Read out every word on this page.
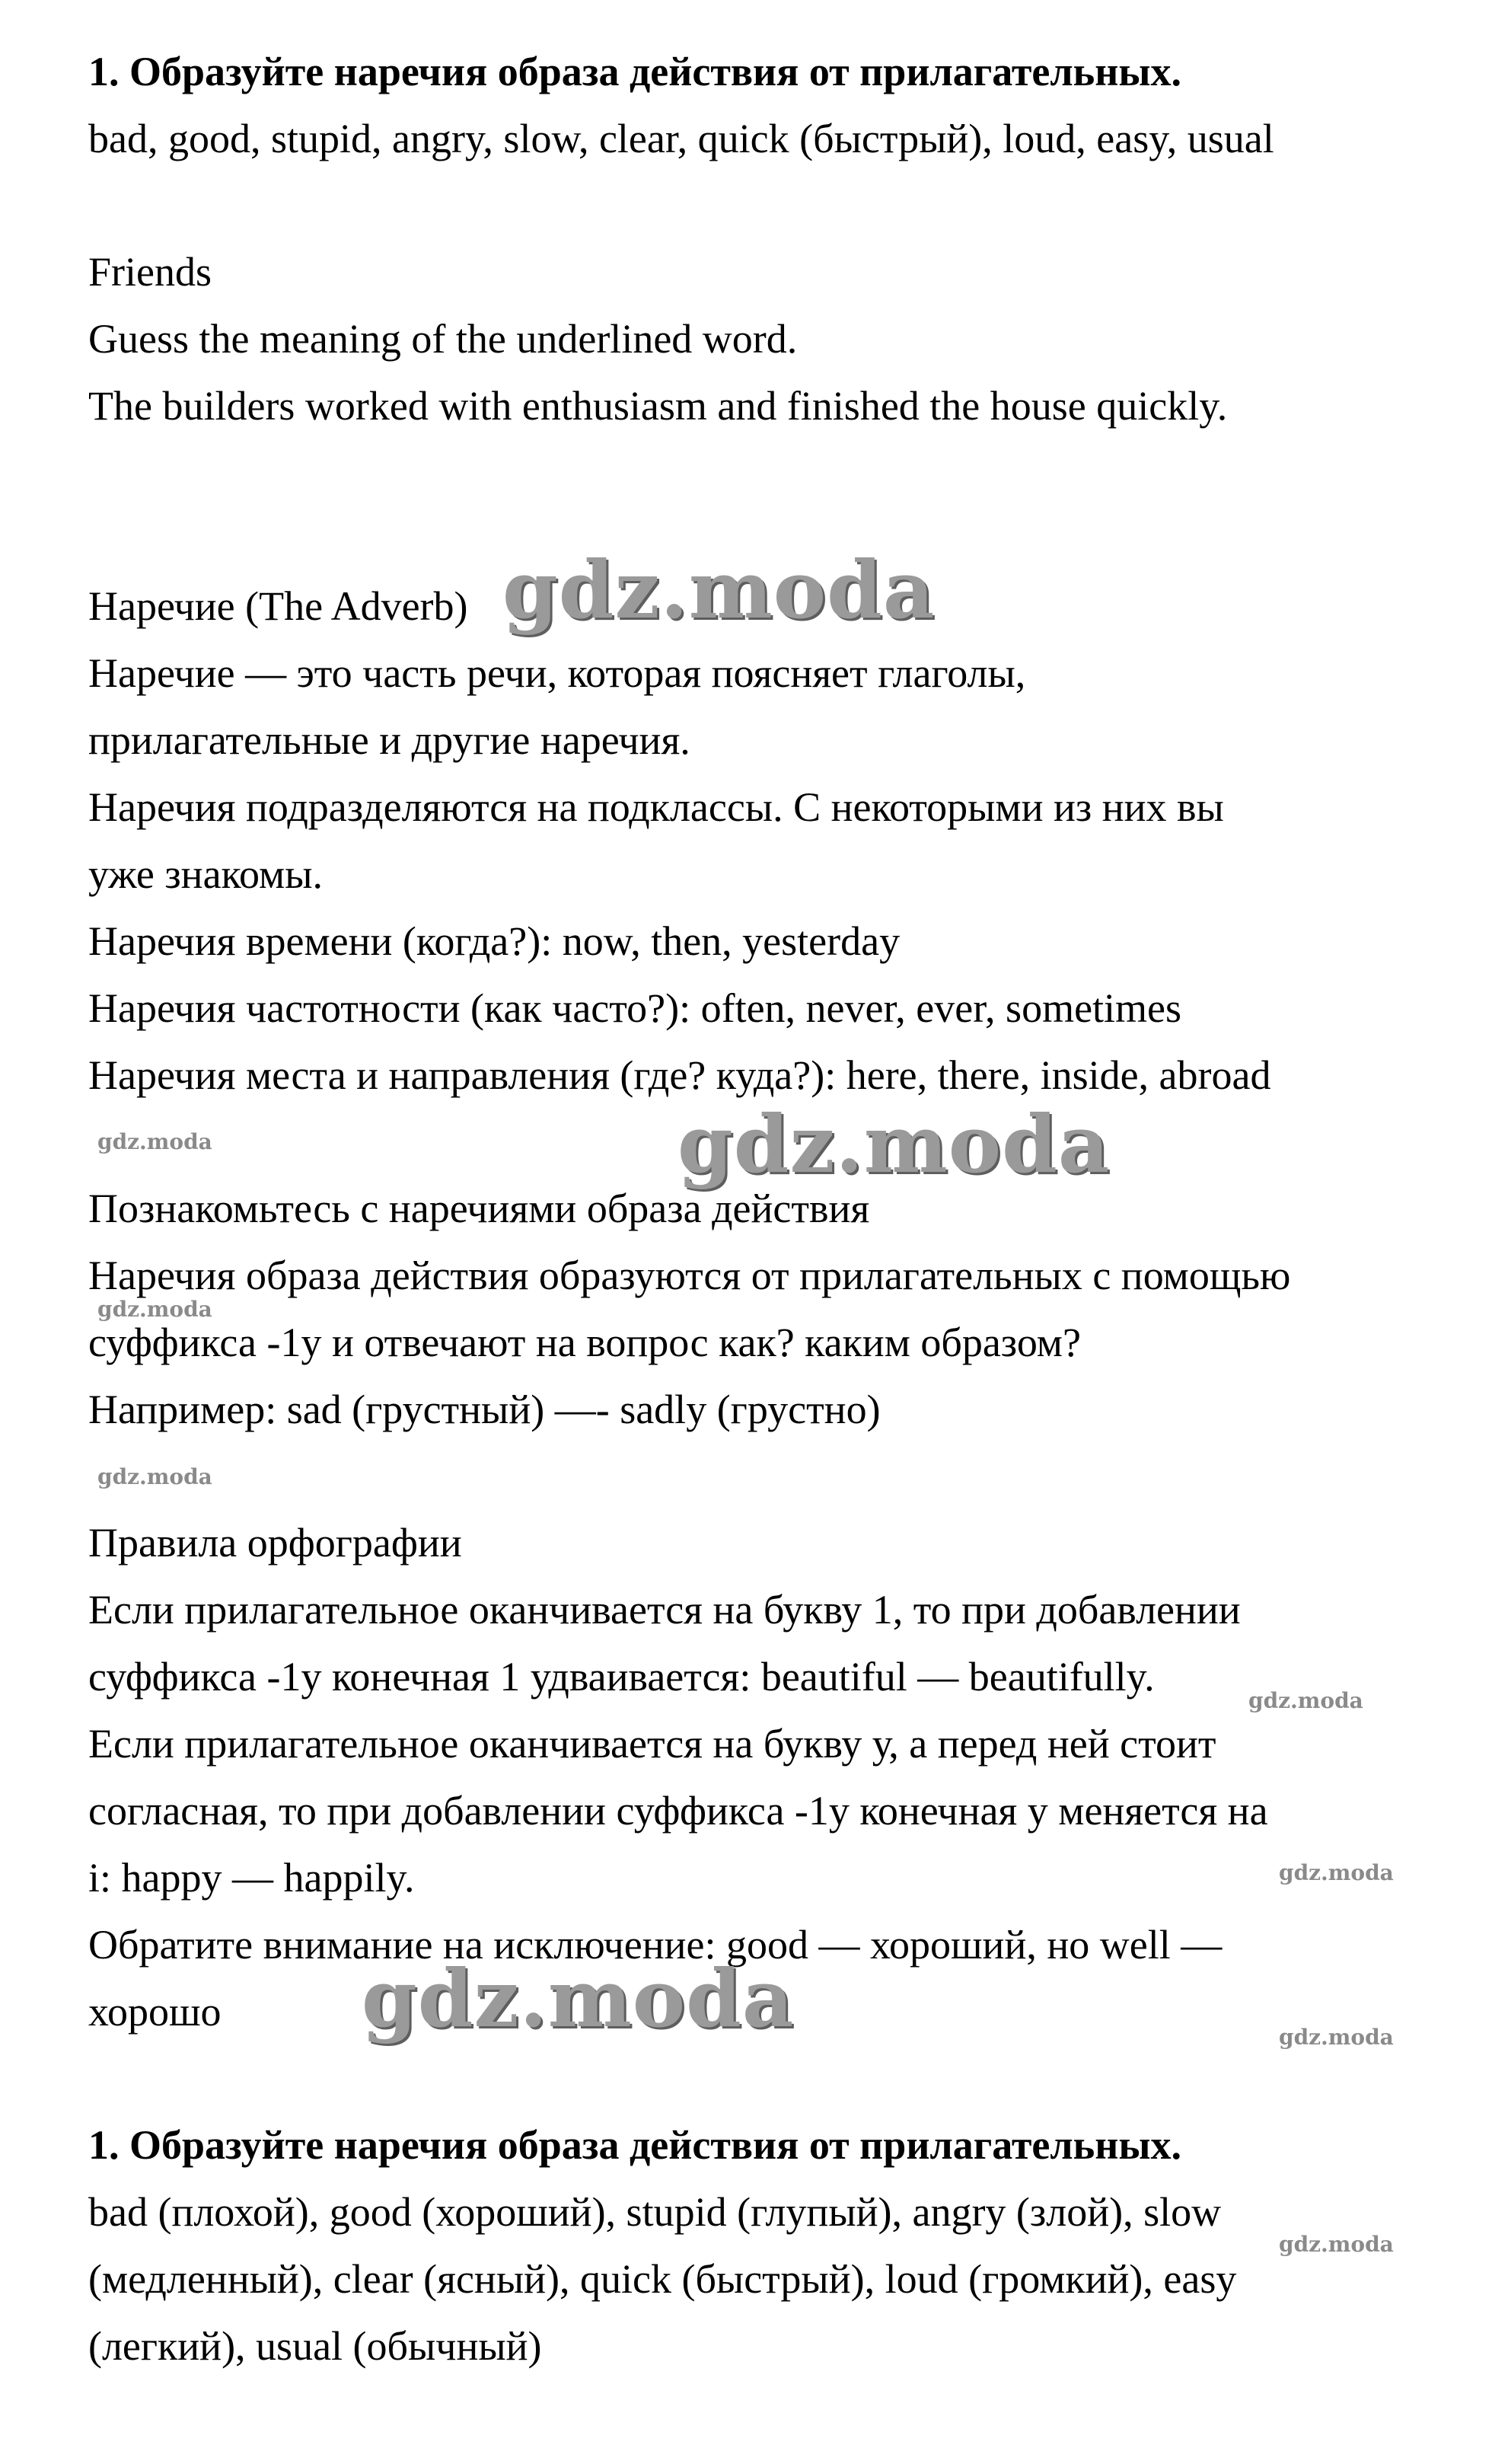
1. Образуйте наречия образа действия от прилагательных.
bad, good, stupid, angry, slow, clear, quick (быстрый), loud, easy, usual
Friends
Guess the meaning of the underlined word.
The builders worked with enthusiasm and finished the house quickly.
Наречие (The Adverb)
Наречие — это часть речи, которая поясняет глаголы,
прилагательные и другие наречия.
Наречия подразделяются на подклассы. С некоторыми из них вы
уже знакомы.
Наречия времени (когда?): now, then, yesterday
Наречия частотности (как часто?): often, never, ever, sometimes
Наречия места и направления (где? куда?): here, there, inside, abroad
Познакомьтесь с наречиями образа действия
Наречия образа действия образуются от прилагательных с помощью
суффикса -1у и отвечают на вопрос как? каким образом?
Например: sad (грустный) —- sadly (грустно)
Правила орфографии
Если прилагательное оканчивается на букву 1, то при добавлении
суффикса -1у конечная 1 удваивается: beautiful — beautifully.
Если прилагательное оканчивается на букву у, а перед ней стоит
согласная, то при добавлении суффикса -1у конечная у меняется на
i: happy — happily.
Обратите внимание на исключение: good — хороший, но well —
хорошо
1. Образуйте наречия образа действия от прилагательных.
bad (плохой), good (хороший), stupid (глупый), angry (злой), slow
(медленный), clear (ясный), quick (быстрый), loud (громкий), easy
(легкий), usual (обычный)
gdz.moda
gdz.moda
gdz.moda
gdz.moda
gdz.moda
gdz.moda
gdz.moda
gdz.moda
gdz.moda
gdz.moda
